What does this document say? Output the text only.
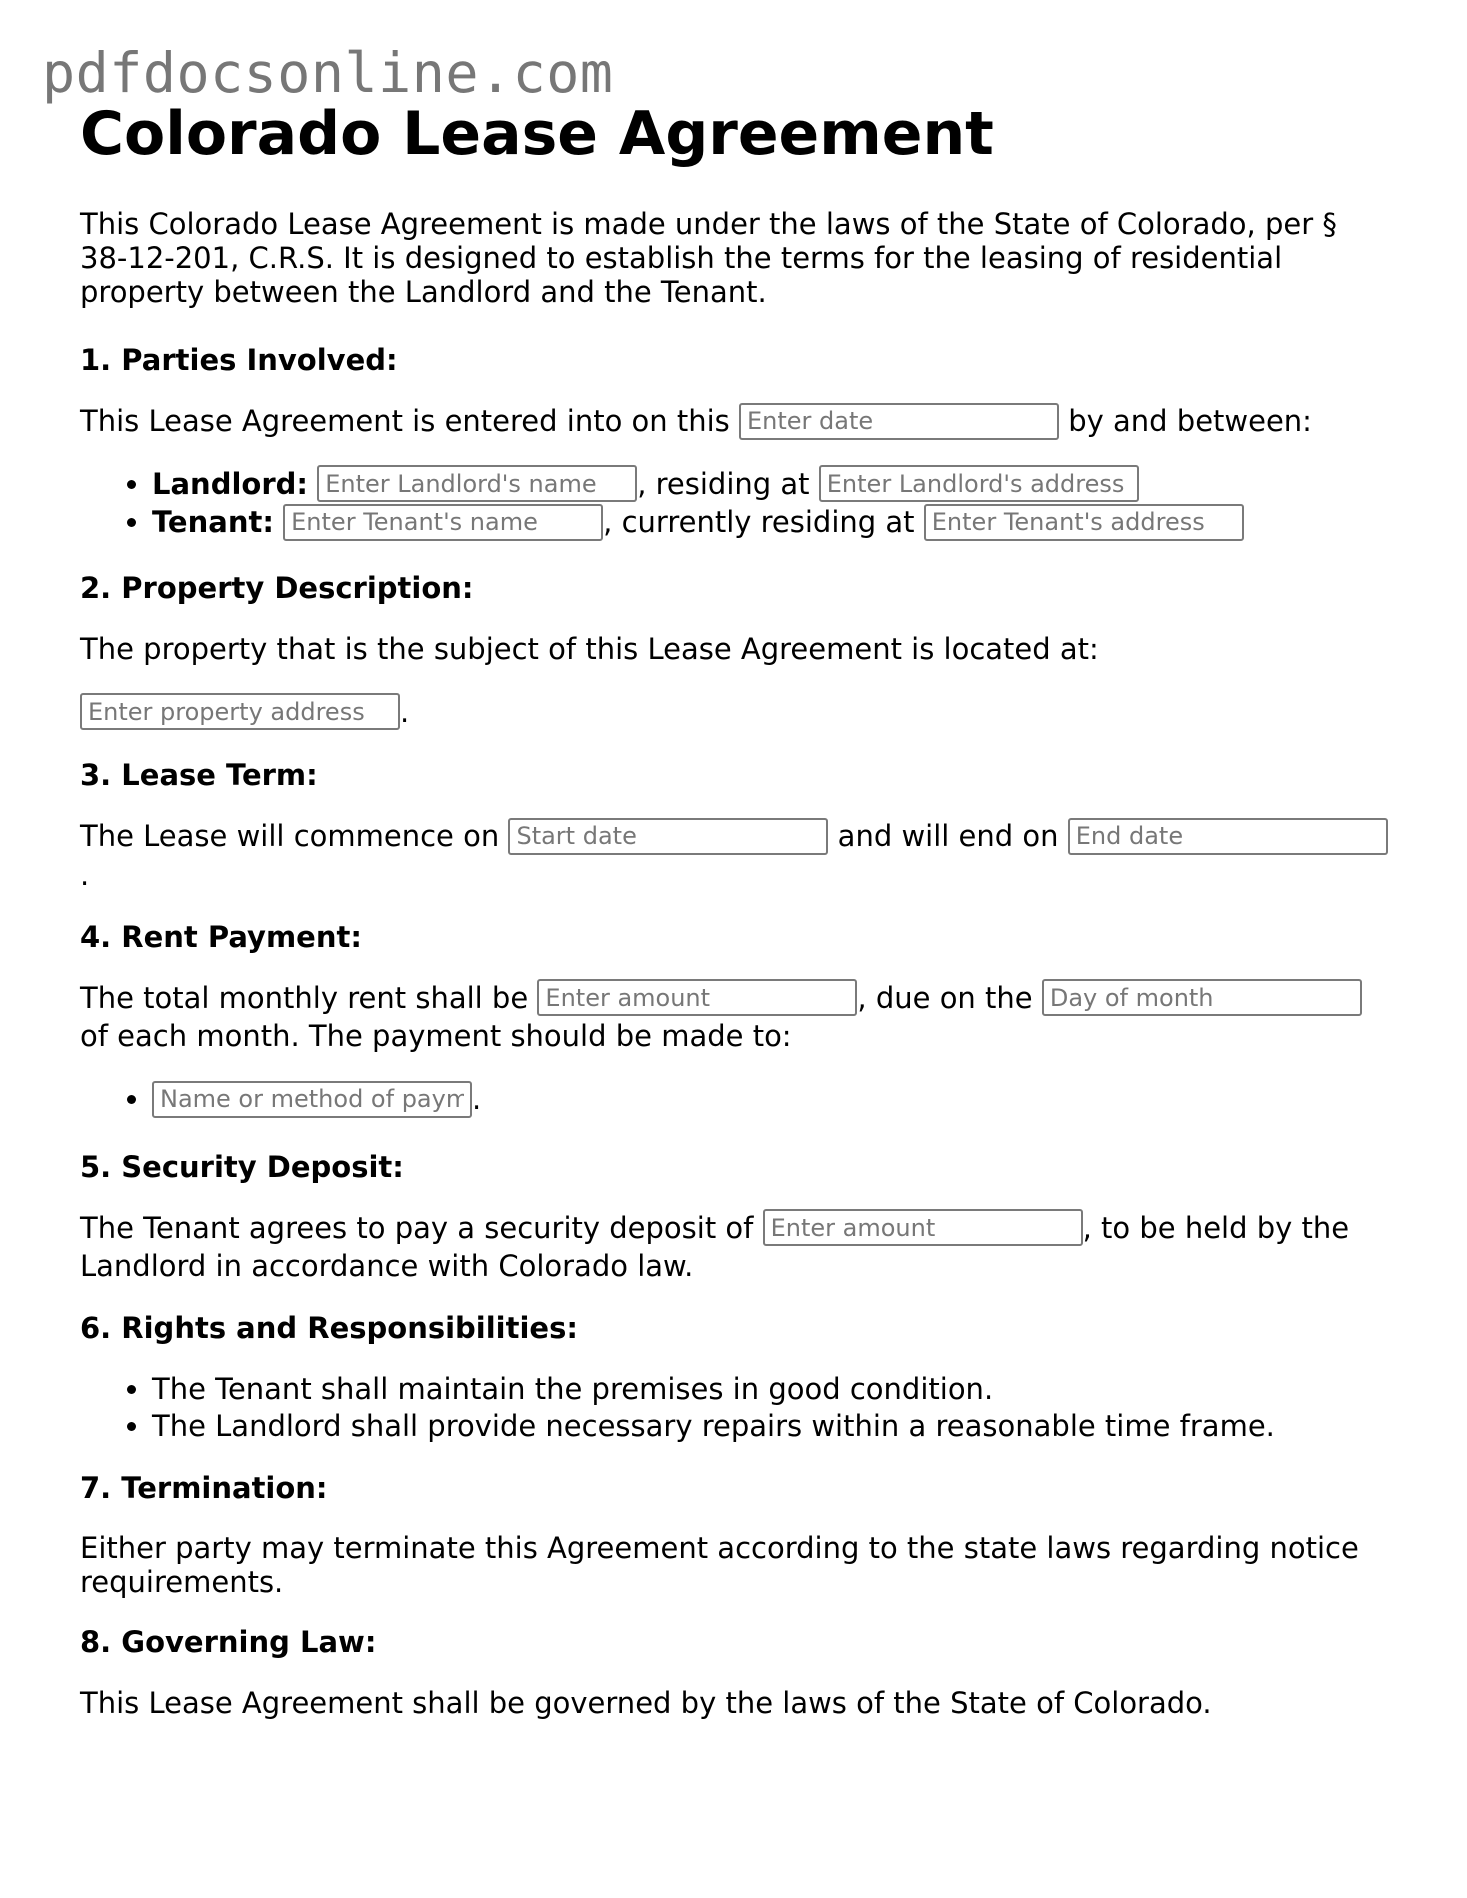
pdfdocsonline.com
Colorado Lease Agreement

This Colorado Lease Agreement is made under the laws of the State of Colorado, per § 38-12-201, C.R.S. It is designed to establish the terms for the leasing of residential property between the Landlord and the Tenant.

1. Parties Involved:

This Lease Agreement is entered into on this Enter date	by and between:

• Landlord: Enter Landlord's name	, residing at Enter Landlord's address
• Tenant: Enter Tenant's name	, currently residing at Enter Tenant's address
2. Property Description:

The property that is the subject of this Lease Agreement is located at:

Enter property address.

3. Lease Term:

The Lease will commence on Start date	and will end on End date
.

4. Rent Payment:

The total monthly rent shall be Enter amount	, due on the Day of month
of each month. The payment should be made to:

Name or method of payment • .
5. Security Deposit:

The Tenant agrees to pay a security deposit of Enter amount	, to be held by the Landlord in accordance with Colorado law.

6. Rights and Responsibilities:
• The Tenant shall maintain the premises in good condition.
• The Landlord shall provide necessary repairs within a reasonable time frame.
7. Termination:

Either party may terminate this Agreement according to the state laws regarding notice requirements.

8. Governing Law:

This Lease Agreement shall be governed by the laws of the State of Colorado.
